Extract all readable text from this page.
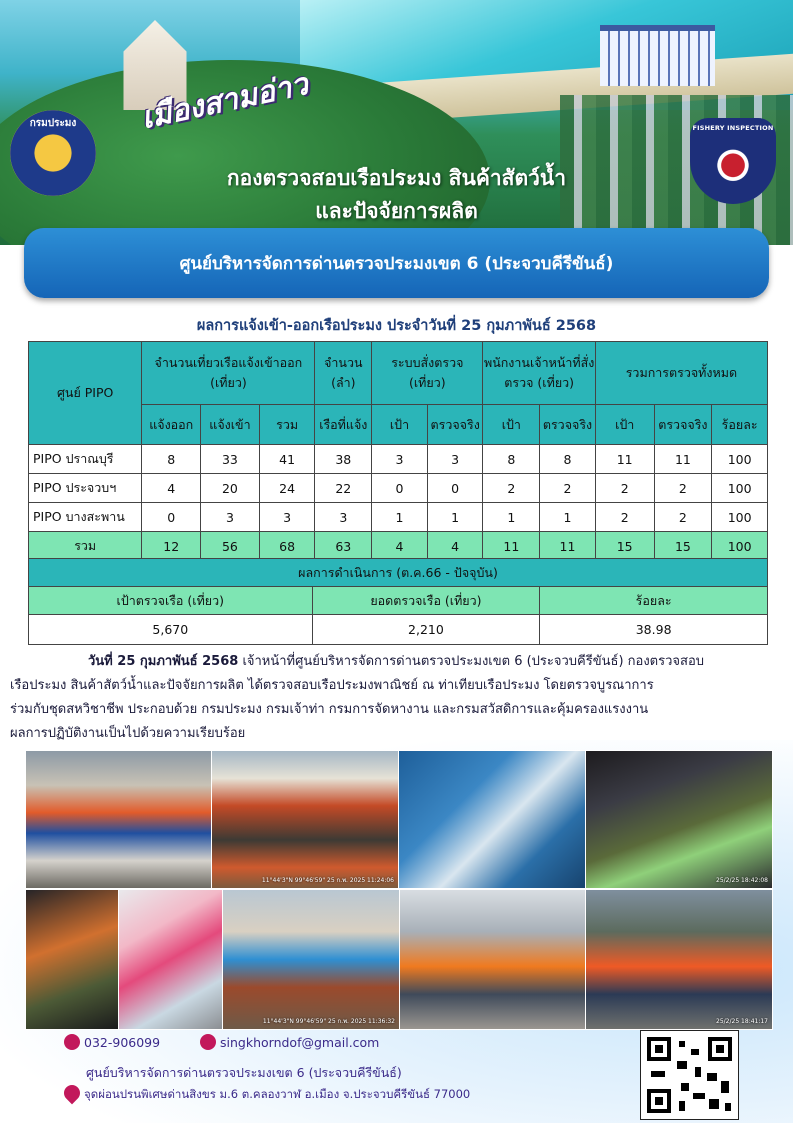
เมืองสามอ่าว
กรมประมง	FISHERY INSPECTION
กองตรวจสอบเรือประมง สินค้าสัตว์น้ำ
และปัจจัยการผลิต
ศูนย์บริหารจัดการด่านตรวจประมงเขต 6 (ประจวบคีรีขันธ์)
ผลการแจ้งเข้า-ออกเรือประมง ประจำวันที่ 25 กุมภาพันธ์ 2568
ศูนย์ PIPO	จำนวนเที่ยวเรือแจ้งเข้าออก (เที่ยว)			จำนวน (ลำ)	ระบบสั่งตรวจ (เที่ยว)		พนักงานเจ้าหน้าที่สั่งตรวจ (เที่ยว)		รวมการตรวจทั้งหมด		
	แจ้งออก	แจ้งเข้า	รวม	เรือที่แจ้ง	เป้า	ตรวจจริง	เป้า	ตรวจจริง	เป้า	ตรวจจริง	ร้อยละ
PIPO ปราณบุรี	8	33	41	38	3	3	8	8	11	11	100
PIPO ประจวบฯ	4	20	24	22	0	0	2	2	2	2	100
PIPO บางสะพาน	0	3	3	3	1	1	1	1	2	2	100
รวม	12	56	68	63	4	4	11	11	15	15	100
ผลการดำเนินการ (ต.ค.66 - ปัจจุบัน)		
เป้าตรวจเรือ (เที่ยว)	ยอดตรวจเรือ (เที่ยว)	ร้อยละ
5,670	2,210	38.98
วันที่ 25 กุมภาพันธ์ 2568 เจ้าหน้าที่ศูนย์บริหารจัดการด่านตรวจประมงเขต 6 (ประจวบคีรีขันธ์) กองตรวจสอบ
เรือประมง สินค้าสัตว์น้ำและปัจจัยการผลิต ได้ตรวจสอบเรือประมงพาณิชย์ ณ ท่าเทียบเรือประมง โดยตรวจบูรณาการ
ร่วมกับชุดสหวิชาชีพ ประกอบด้วย กรมประมง กรมเจ้าท่า กรมการจัดหางาน และกรมสวัสดิการและคุ้มครองแรงงาน
ผลการปฏิบัติงานเป็นไปด้วยความเรียบร้อย
11°44'3"N 99°46'59" 25 ก.พ. 2025 11:24:06	25/2/25 18:42:08
11°44'3"N 99°46'59" 25 ก.พ. 2025 11:36:32	25/2/25 18:41:17
032-906099	singkhorndof@gmail.com
ศูนย์บริหารจัดการด่านตรวจประมงเขต 6 (ประจวบคีรีขันธ์)
จุดผ่อนปรนพิเศษด่านสิงขร ม.6 ต.คลองวาฬ อ.เมือง จ.ประจวบคีรีขันธ์ 77000
